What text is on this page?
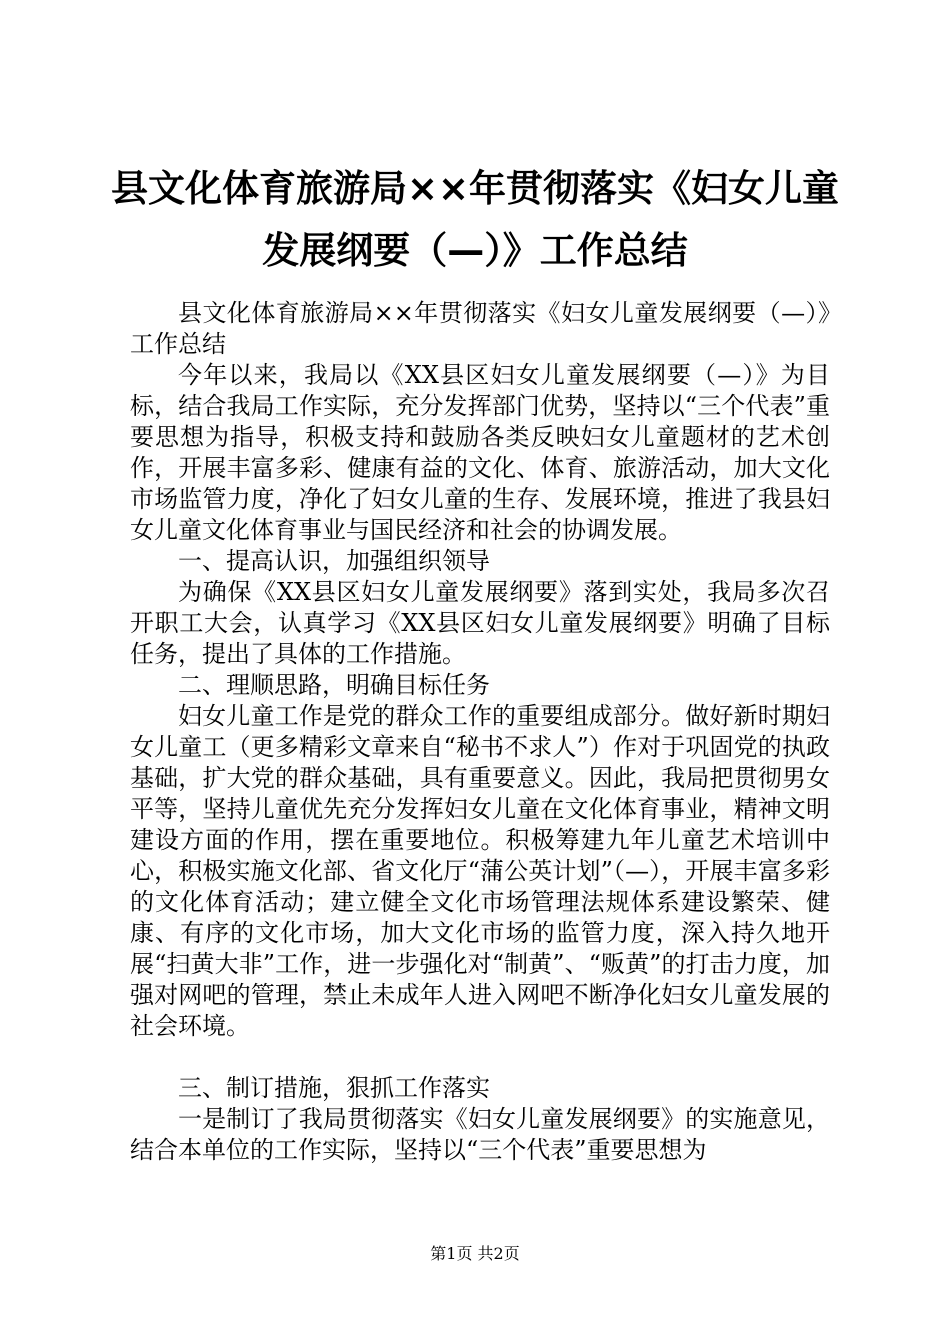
县文化体育旅游局××年贯彻落实《妇女儿童
发展纲要（—）》工作总结

县文化体育旅游局××年贯彻落实《妇女儿童发展纲要（—）》工作总结

今年以来，我局以《XX县区妇女儿童发展纲要（—）》为目标，结合我局工作实际，充分发挥部门优势，坚持以“三个代表”重要思想为指导，积极支持和鼓励各类反映妇女儿童题材的艺术创作，开展丰富多彩、健康有益的文化、体育、旅游活动，加大文化市场监管力度，净化了妇女儿童的生存、发展环境，推进了我县妇女儿童文化体育事业与国民经济和社会的协调发展。

一、提高认识，加强组织领导

为确保《XX县区妇女儿童发展纲要》落到实处，我局多次召开职工大会，认真学习《XX县区妇女儿童发展纲要》明确了目标任务，提出了具体的工作措施。

二、理顺思路，明确目标任务

妇女儿童工作是党的群众工作的重要组成部分。做好新时期妇女儿童工（更多精彩文章来自“秘书不求人”）作对于巩固党的执政基础，扩大党的群众基础，具有重要意义。因此，我局把贯彻男女平等，坚持儿童优先充分发挥妇女儿童在文化体育事业，精神文明建设方面的作用，摆在重要地位。积极筹建九年儿童艺术培训中心，积极实施文化部、省文化厅“蒲公英计划”（—），开展丰富多彩的文化体育活动；建立健全文化市场管理法规体系建设繁荣、健康、有序的文化市场，加大文化市场的监管力度，深入持久地开展“扫黄大非”工作，进一步强化对“制黄”、“贩黄”的打击力度，加强对网吧的管理，禁止未成年人进入网吧不断净化妇女儿童发展的社会环境。

三、制订措施，狠抓工作落实

一是制订了我局贯彻落实《妇女儿童发展纲要》的实施意见，结合本单位的工作实际，坚持以“三个代表”重要思想为

第1页 共2页
